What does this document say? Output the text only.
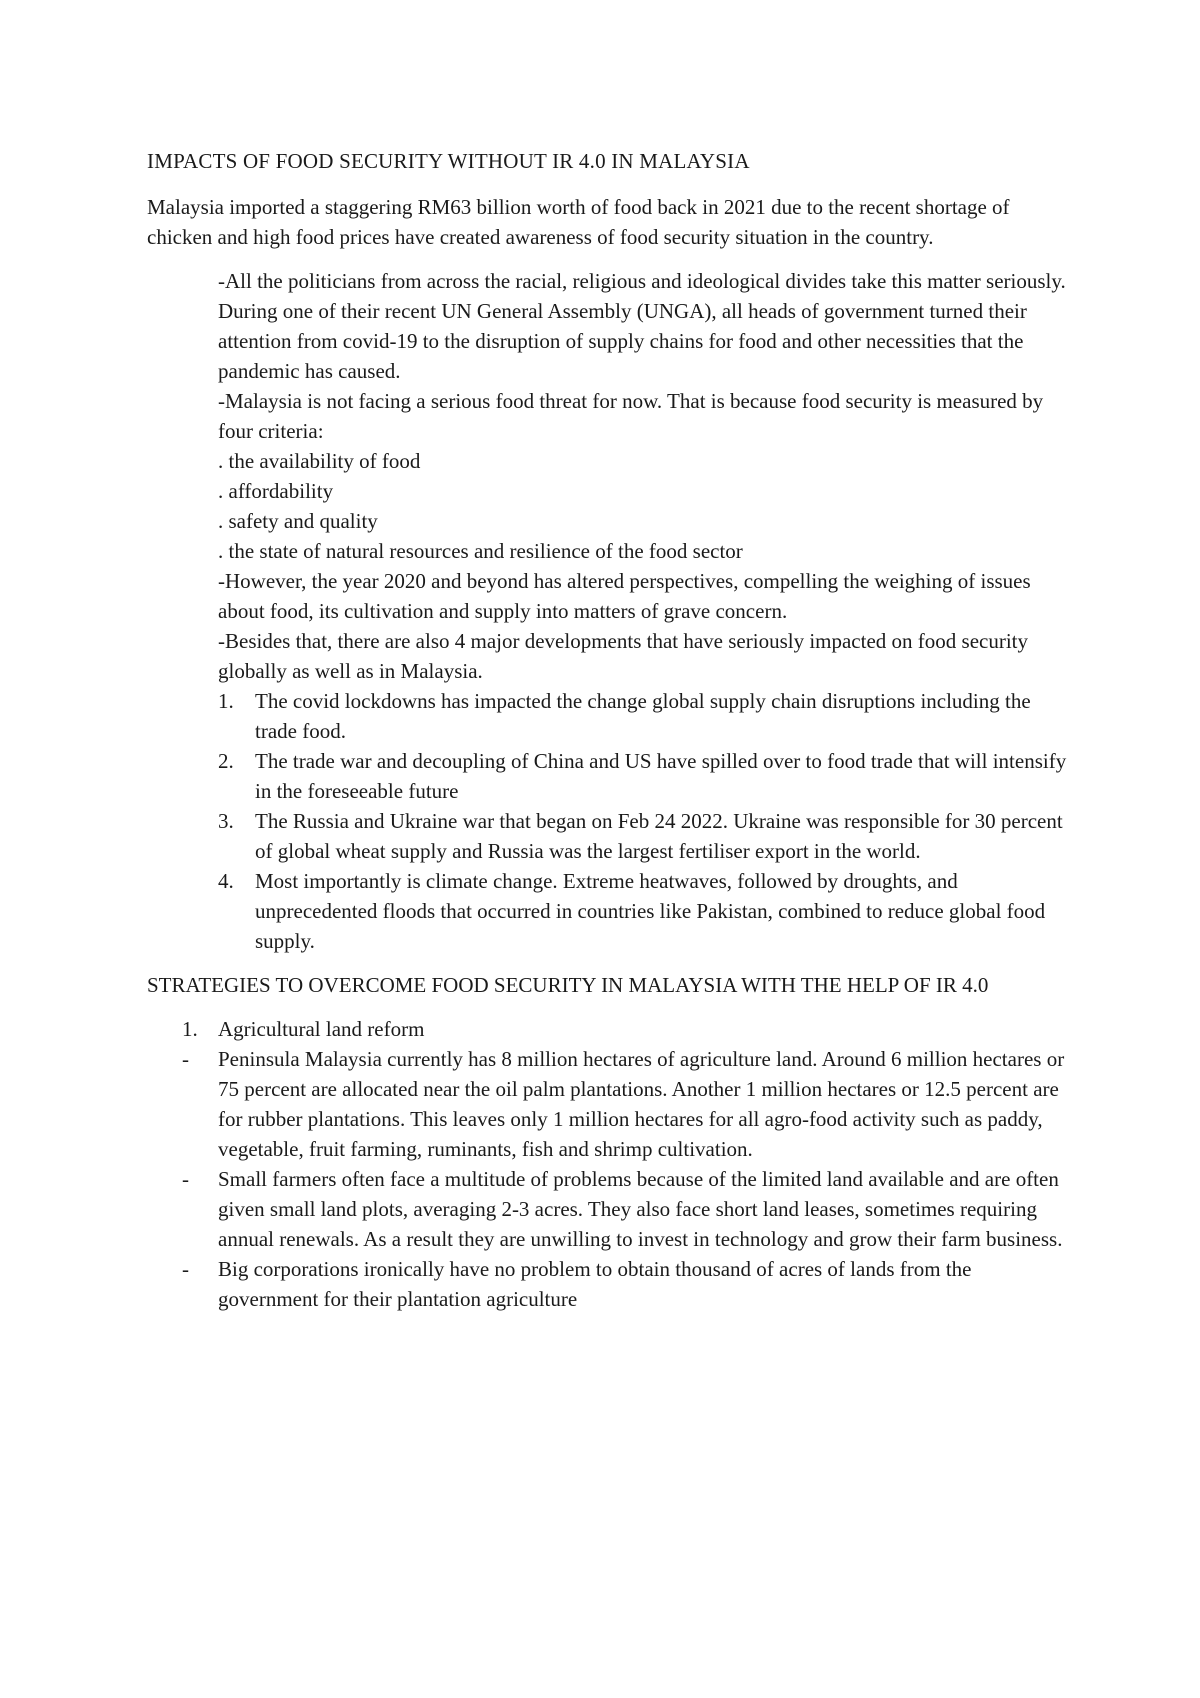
IMPACTS OF FOOD SECURITY WITHOUT IR 4.0 IN MALAYSIA
Malaysia imported a staggering RM63 billion worth of food back in 2021 due to the recent shortage of chicken and high food prices have created awareness of food security situation in the country.
-All the politicians from across the racial, religious and ideological divides take this matter seriously. During one of their recent UN General Assembly (UNGA), all heads of government turned their attention from covid-19 to the disruption of supply chains for food and other necessities that the pandemic has caused.
-Malaysia is not facing a serious food threat for now. That is because food security is measured by four criteria:
. the availability of food
. affordability
. safety and quality
. the state of natural resources and resilience of the food sector
-However, the year 2020 and beyond has altered perspectives, compelling the weighing of issues about food, its cultivation and supply into matters of grave concern.
-Besides that, there are also 4 major developments that have seriously impacted on food security globally as well as in Malaysia.
1. The covid lockdowns has impacted the change global supply chain disruptions including the trade food.
2. The trade war and decoupling of China and US have spilled over to food trade that will intensify in the foreseeable future
3. The Russia and Ukraine war that began on Feb 24 2022. Ukraine was responsible for 30 percent of global wheat supply and Russia was the largest fertiliser export in the world.
4. Most importantly is climate change. Extreme heatwaves, followed by droughts, and unprecedented floods that occurred in countries like Pakistan, combined to reduce global food supply.
STRATEGIES TO OVERCOME FOOD SECURITY IN MALAYSIA WITH THE HELP OF IR 4.0
1. Agricultural land reform
- Peninsula Malaysia currently has 8 million hectares of agriculture land. Around 6 million hectares or 75 percent are allocated near the oil palm plantations. Another 1 million hectares or 12.5 percent are for rubber plantations. This leaves only 1 million hectares for all agro-food activity such as paddy, vegetable, fruit farming, ruminants, fish and shrimp cultivation.
- Small farmers often face a multitude of problems because of the limited land available and are often given small land plots, averaging 2-3 acres. They also face short land leases, sometimes requiring annual renewals. As a result they are unwilling to invest in technology and grow their farm business.
- Big corporations ironically have no problem to obtain thousand of acres of lands from the government for their plantation agriculture
